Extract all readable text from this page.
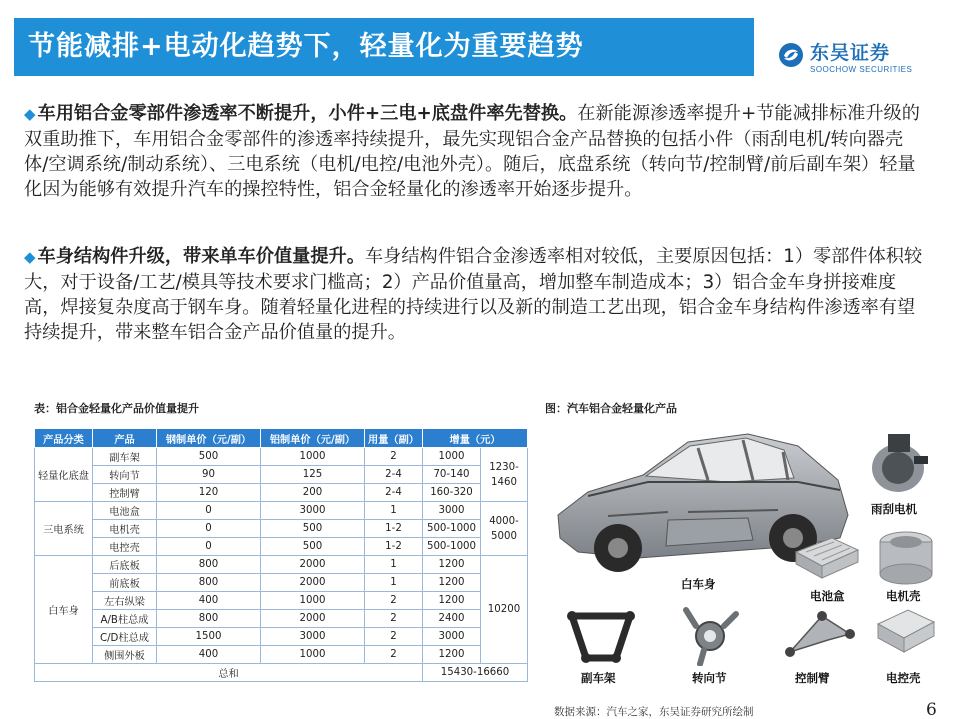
节能减排+电动化趋势下，轻量化为重要趋势	东吴证券
SOOCHOW SECURITIES
◆ 车用铝合金零部件渗透率不断提升，小件+三电+底盘件率先替换。在新能源渗透率提升+节能减排标准升级的双重助推下，车用铝合金零部件的渗透率持续提升，最先实现铝合金产品替换的包括小件（雨刮电机/转向器壳体/空调系统/制动系统）、三电系统（电机/电控/电池外壳）。随后，底盘系统（转向节/控制臂/前后副车架）轻量化因为能够有效提升汽车的操控特性，铝合金轻量化的渗透率开始逐步提升。
◆ 车身结构件升级，带来单车价值量提升。车身结构件铝合金渗透率相对较低，主要原因包括：1）零部件体积较大，对于设备/工艺/模具等技术要求门槛高；2）产品价值量高，增加整车制造成本；3）铝合金车身拼接难度高，焊接复杂度高于钢车身。随着轻量化进程的持续进行以及新的制造工艺出现，铝合金车身结构件渗透率有望持续提升，带来整车铝合金产品价值量的提升。
表：铝合金轻量化产品价值量提升
产品分类	产品	钢制单价（元/副）	铝制单价（元/副）	用量（副）	增量（元）	
轻量化底盘	副车架	500	1000	2	1000	1230-1460
	转向节	90	125	2-4	70-140	
	控制臂	120	200	2-4	160-320	
三电系统	电池盒	0	3000	1	3000	4000-5000
	电机壳	0	500	1-2	500-1000	
	电控壳	0	500	1-2	500-1000	
白车身	后底板	800	2000	1	1200	10200
	前底板	800	2000	1	1200	
	左右纵梁	400	1000	2	1200	
	A/B柱总成	800	2000	2	2400	
	C/D柱总成	1500	3000	2	3000	
	侧围外板	400	1000	2	1200	
总和					15430-16660	
图：汽车铝合金轻量化产品
白车身
雨刮电机
电池盒	电机壳
副车架	转向节	控制臂	电控壳
数据来源：汽车之家，东吴证券研究所绘制	6
